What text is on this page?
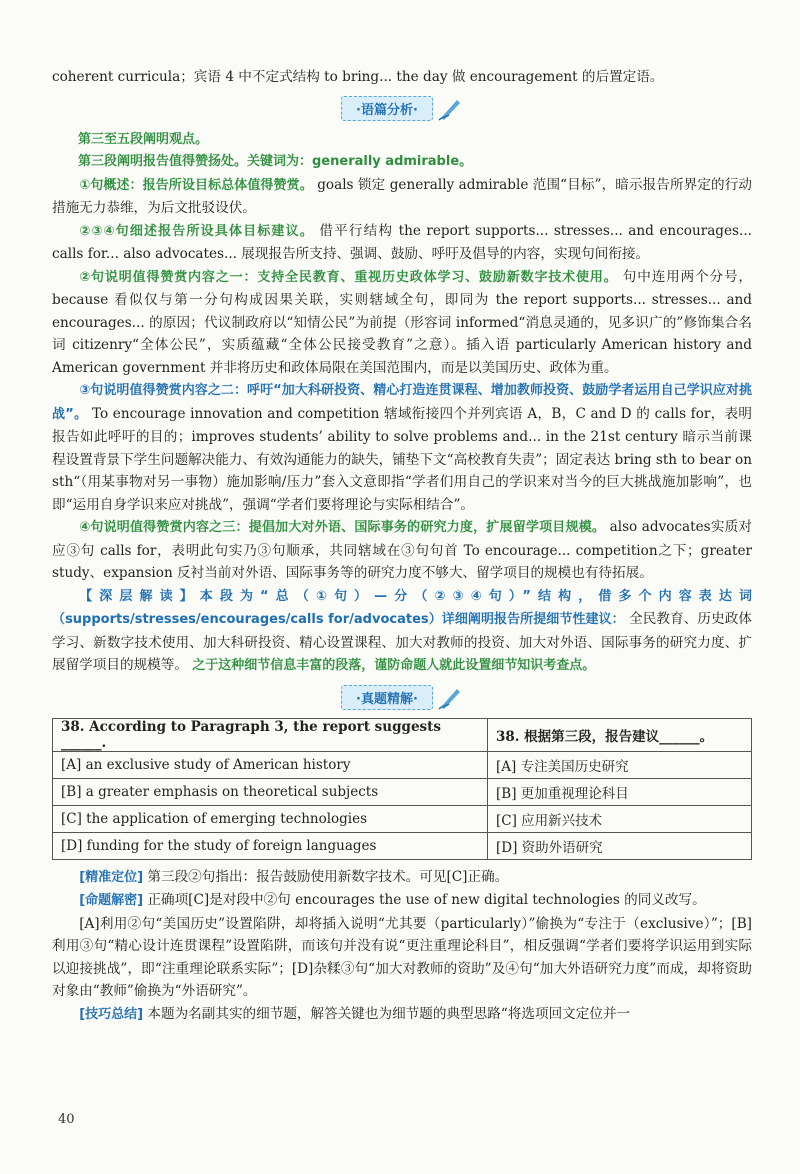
coherent curricula；宾语 4 中不定式结构 to bring... the day 做 encouragement 的后置定语。

·语篇分析·

第三至五段阐明观点。

第三段阐明报告值得赞扬处。关键词为：generally admirable。

①句概述：报告所设目标总体值得赞赏。 goals 锁定 generally admirable 范围“目标”，暗示报告所界定的行动措施无力恭维，为后文批驳设伏。

②③④句细述报告所设具体目标建议。 借平行结构 the report supports... stresses... and encourages... calls for... also advocates... 展现报告所支持、强调、鼓励、呼吁及倡导的内容，实现句间衔接。

②句说明值得赞赏内容之一：支持全民教育、重视历史政体学习、鼓励新数字技术使用。 句中连用两个分号，because 看似仅与第一分句构成因果关联，实则辖域全句，即同为 the report supports... stresses... and encourages... 的原因；代议制政府以“知情公民”为前提（形容词 informed“消息灵通的，见多识广的”修饰集合名词 citizenry“全体公民”，实质蕴藏“全体公民接受教育”之意）。插入语 particularly American history and American government 并非将历史和政体局限在美国范围内，而是以美国历史、政体为重。

③句说明值得赞赏内容之二：呼吁“加大科研投资、精心打造连贯课程、增加教师投资、鼓励学者运用自己学识应对挑战”。 To encourage innovation and competition 辖域衔接四个并列宾语 A，B，C and D 的 calls for，表明报告如此呼吁的目的；improves students’ ability to solve problems and... in the 21st century 暗示当前课程设置背景下学生问题解决能力、有效沟通能力的缺失，铺垫下文“高校教育失责”；固定表达 bring sth to bear on sth“（用某事物对另一事物）施加影响/压力”套入文意即指“学者们用自己的学识来对当今的巨大挑战施加影响”，也即“运用自身学识来应对挑战”，强调“学者们要将理论与实际相结合”。

④句说明值得赞赏内容之三：提倡加大对外语、国际事务的研究力度，扩展留学项目规模。 also advocates实质对应③句 calls for，表明此句实乃③句顺承，共同辖域在③句句首 To encourage... competition之下；greater study、expansion 反衬当前对外语、国际事务等的研究力度不够大、留学项目的规模也有待拓展。

【深层解读】本段为“总（①句）—分（②③④句）”结构，借多个内容表达词（supports/stresses/encourages/calls for/advocates）详细阐明报告所提细节性建议： 全民教育、历史政体学习、新数字技术使用、加大科研投资、精心设置课程、加大对教师的投资、加大对外语、国际事务的研究力度、扩展留学项目的规模等。 之于这种细节信息丰富的段落，谨防命题人就此设置细节知识考查点。

·真题精解·
38. According to Paragraph 3, the report suggests ______.	38. 根据第三段，报告建议______。
[A] an exclusive study of American history	[A] 专注美国历史研究
[B] a greater emphasis on theoretical subjects	[B] 更加重视理论科目
[C] the application of emerging technologies	[C] 应用新兴技术
[D] funding for the study of foreign languages	[D] 资助外语研究

[精准定位] 第三段②句指出：报告鼓励使用新数字技术。可见[C]正确。

[命题解密] 正确项[C]是对段中②句 encourages the use of new digital technologies 的同义改写。

[A]利用②句“美国历史”设置陷阱，却将插入说明“尤其要（particularly）”偷换为“专注于（exclusive）”；[B]利用③句“精心设计连贯课程”设置陷阱，而该句并没有说“更注重理论科目”，相反强调“学者们要将学识运用到实际以迎接挑战”，即“注重理论联系实际”；[D]杂糅③句“加大对教师的资助”及④句“加大外语研究力度”而成，却将资助对象由“教师”偷换为“外语研究”。

[技巧总结] 本题为名副其实的细节题，解答关键也为细节题的典型思路“将选项回文定位并一

40
